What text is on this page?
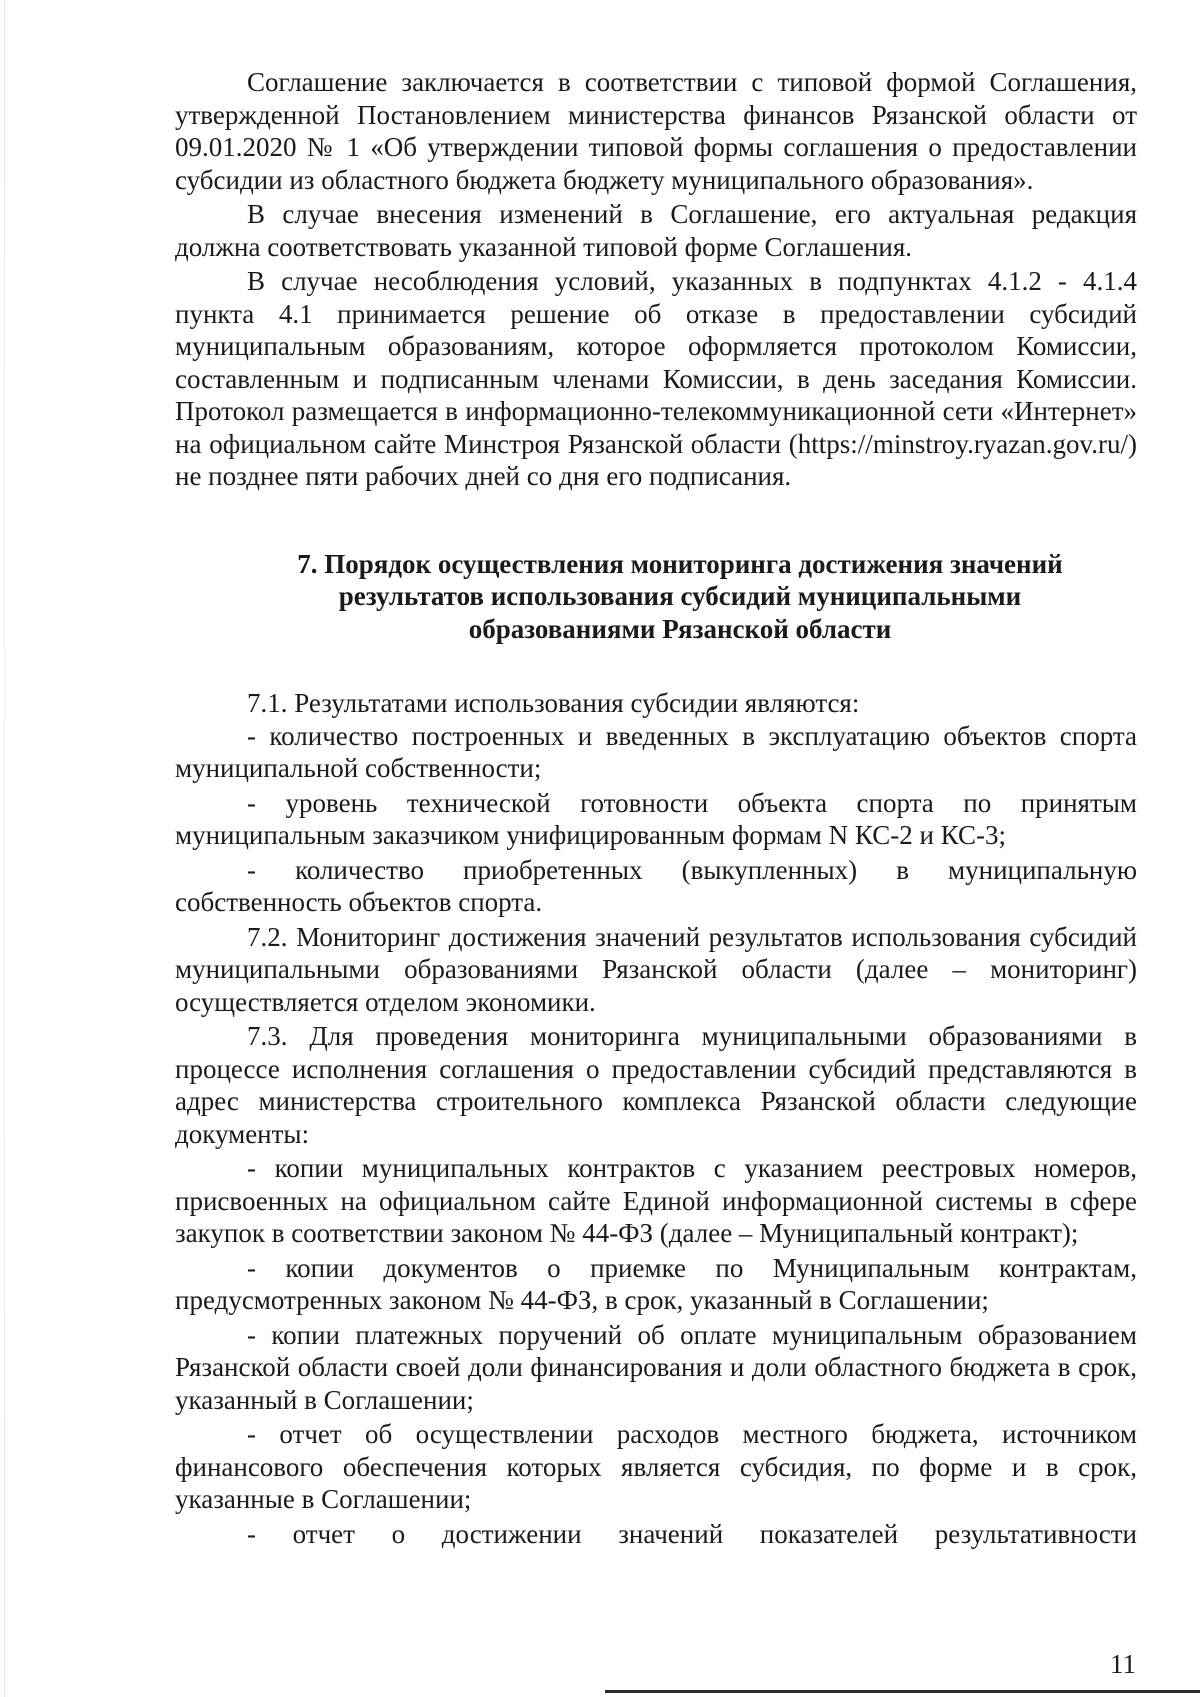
Соглашение заключается в соответствии с типовой формой Соглашения, утвержденной Постановлением министерства финансов Рязанской области от 09.01.2020 № 1 «Об утверждении типовой формы соглашения о предоставлении субсидии из областного бюджета бюджету муниципального образования».

В случае внесения изменений в Соглашение, его актуальная редакция должна соответствовать указанной типовой форме Соглашения.

В случае несоблюдения условий, указанных в подпунктах 4.1.2 - 4.1.4 пункта 4.1 принимается решение об отказе в предоставлении субсидий муниципальным образованиям, которое оформляется протоколом Комиссии, составленным и подписанным членами Комиссии, в день заседания Комиссии. Протокол размещается в информационно-телекоммуникационной сети «Интернет» на официальном сайте Минстроя Рязанской области (https://minstroy.ryazan.gov.ru/) не позднее пяти рабочих дней со дня его подписания.

7. Порядок осуществления мониторинга достижения значений
результатов использования субсидий муниципальными
образованиями Рязанской области

7.1. Результатами использования субсидии являются:

- количество построенных и введенных в эксплуатацию объектов спорта муниципальной собственности;

- уровень технической готовности объекта спорта по принятым муниципальным заказчиком унифицированным формам N КС-2 и КС-3;

- количество приобретенных (выкупленных) в муниципальную собственность объектов спорта.

7.2. Мониторинг достижения значений результатов использования субсидий муниципальными образованиями Рязанской области (далее – мониторинг) осуществляется отделом экономики.

7.3. Для проведения мониторинга муниципальными образованиями в процессе исполнения соглашения о предоставлении субсидий представляются в адрес министерства строительного комплекса Рязанской области следующие документы:

- копии муниципальных контрактов с указанием реестровых номеров, присвоенных на официальном сайте Единой информационной системы в сфере закупок в соответствии законом № 44-ФЗ (далее – Муниципальный контракт);

- копии документов о приемке по Муниципальным контрактам, предусмотренных законом № 44-ФЗ, в срок, указанный в Соглашении;

- копии платежных поручений об оплате муниципальным образованием Рязанской области своей доли финансирования и доли областного бюджета в срок, указанный в Соглашении;

- отчет об осуществлении расходов местного бюджета, источником финансового обеспечения которых является субсидия, по форме и в срок, указанные в Соглашении;

- отчет о достижении значений показателей результативности

11
